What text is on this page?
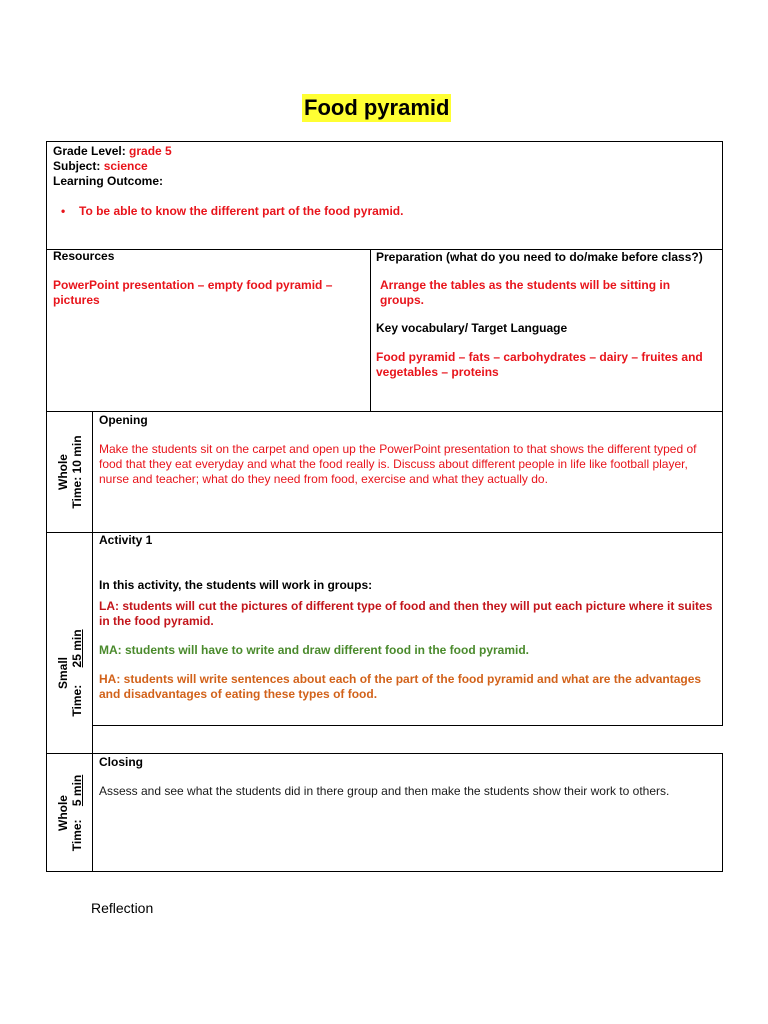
Food pyramid
Grade Level: grade 5
Subject: science
Learning Outcome:
•	To be able to know the different part of the food pyramid.
Resources
PowerPoint presentation – empty food pyramid – pictures
Preparation (what do you need to do/make before class?)
Arrange the tables as the students will be sitting in groups.
Key vocabulary/ Target Language
Food pyramid – fats – carbohydrates – dairy – fruites and vegetables – proteins
Whole Time: 10 min
Opening
Make the students sit on the carpet and open up the PowerPoint presentation to that shows the different typed of food that they eat everyday and what the food really is. Discuss about different people in life like football player, nurse and teacher; what do they need from food, exercise and what they actually do.
Small
Time: 25 min
Activity 1
In this activity, the students will work in groups:
LA: students will cut the pictures of different type of food and then they will put each picture where it suites in the food pyramid.
MA: students will have to write and draw different food in the food pyramid.
HA: students will write sentences about each of the part of the food pyramid and what are the advantages and disadvantages of eating these types of food.
Whole
Time: 5 min
Closing
Assess and see what the students did in there group and then make the students show their work to others.
Reflection
